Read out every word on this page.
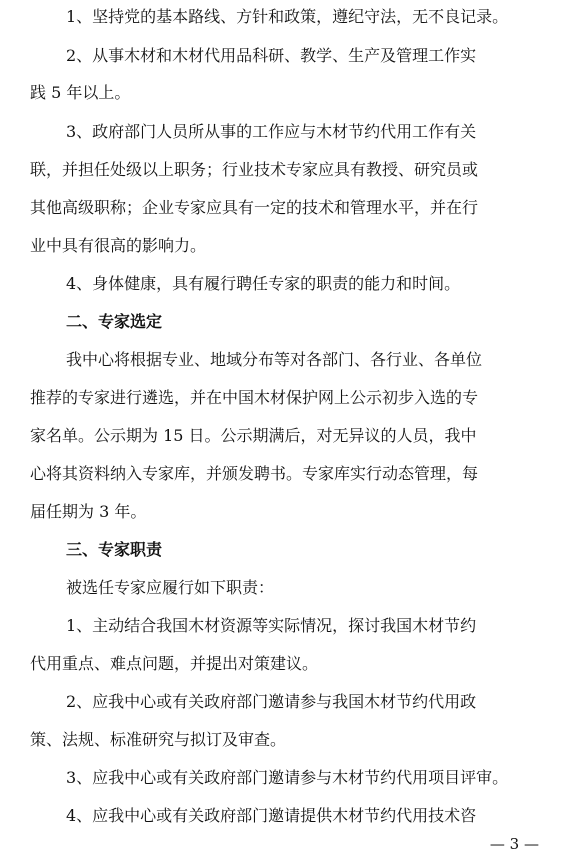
1、坚持党的基本路线、方针和政策，遵纪守法，无不良记录。
2、从事木材和木材代用品科研、教学、生产及管理工作实
践 5 年以上。
3、政府部门人员所从事的工作应与木材节约代用工作有关
联，并担任处级以上职务；行业技术专家应具有教授、研究员或
其他高级职称；企业专家应具有一定的技术和管理水平，并在行
业中具有很高的影响力。
4、身体健康，具有履行聘任专家的职责的能力和时间。
二、专家选定
我中心将根据专业、地域分布等对各部门、各行业、各单位
推荐的专家进行遴选，并在中国木材保护网上公示初步入选的专
家名单。公示期为 15 日。公示期满后，对无异议的人员，我中
心将其资料纳入专家库，并颁发聘书。专家库实行动态管理，每
届任期为 3 年。
三、专家职责
被选任专家应履行如下职责：
1、主动结合我国木材资源等实际情况，探讨我国木材节约
代用重点、难点问题，并提出对策建议。
2、应我中心或有关政府部门邀请参与我国木材节约代用政
策、法规、标准研究与拟订及审查。
3、应我中心或有关政府部门邀请参与木材节约代用项目评审。
4、应我中心或有关政府部门邀请提供木材节约代用技术咨
— 3 —
